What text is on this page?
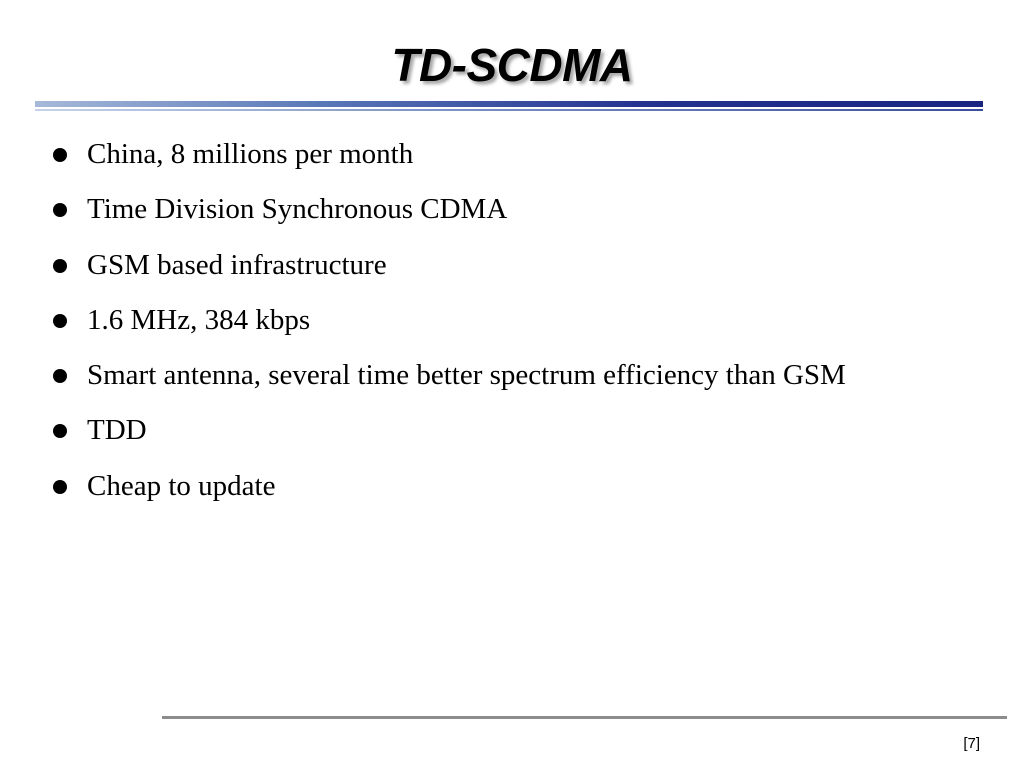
TD-SCDMA
China, 8 millions per month
Time Division Synchronous CDMA
GSM based infrastructure
1.6 MHz, 384 kbps
Smart antenna, several time better spectrum efficiency than GSM
TDD
Cheap to update
[7]
